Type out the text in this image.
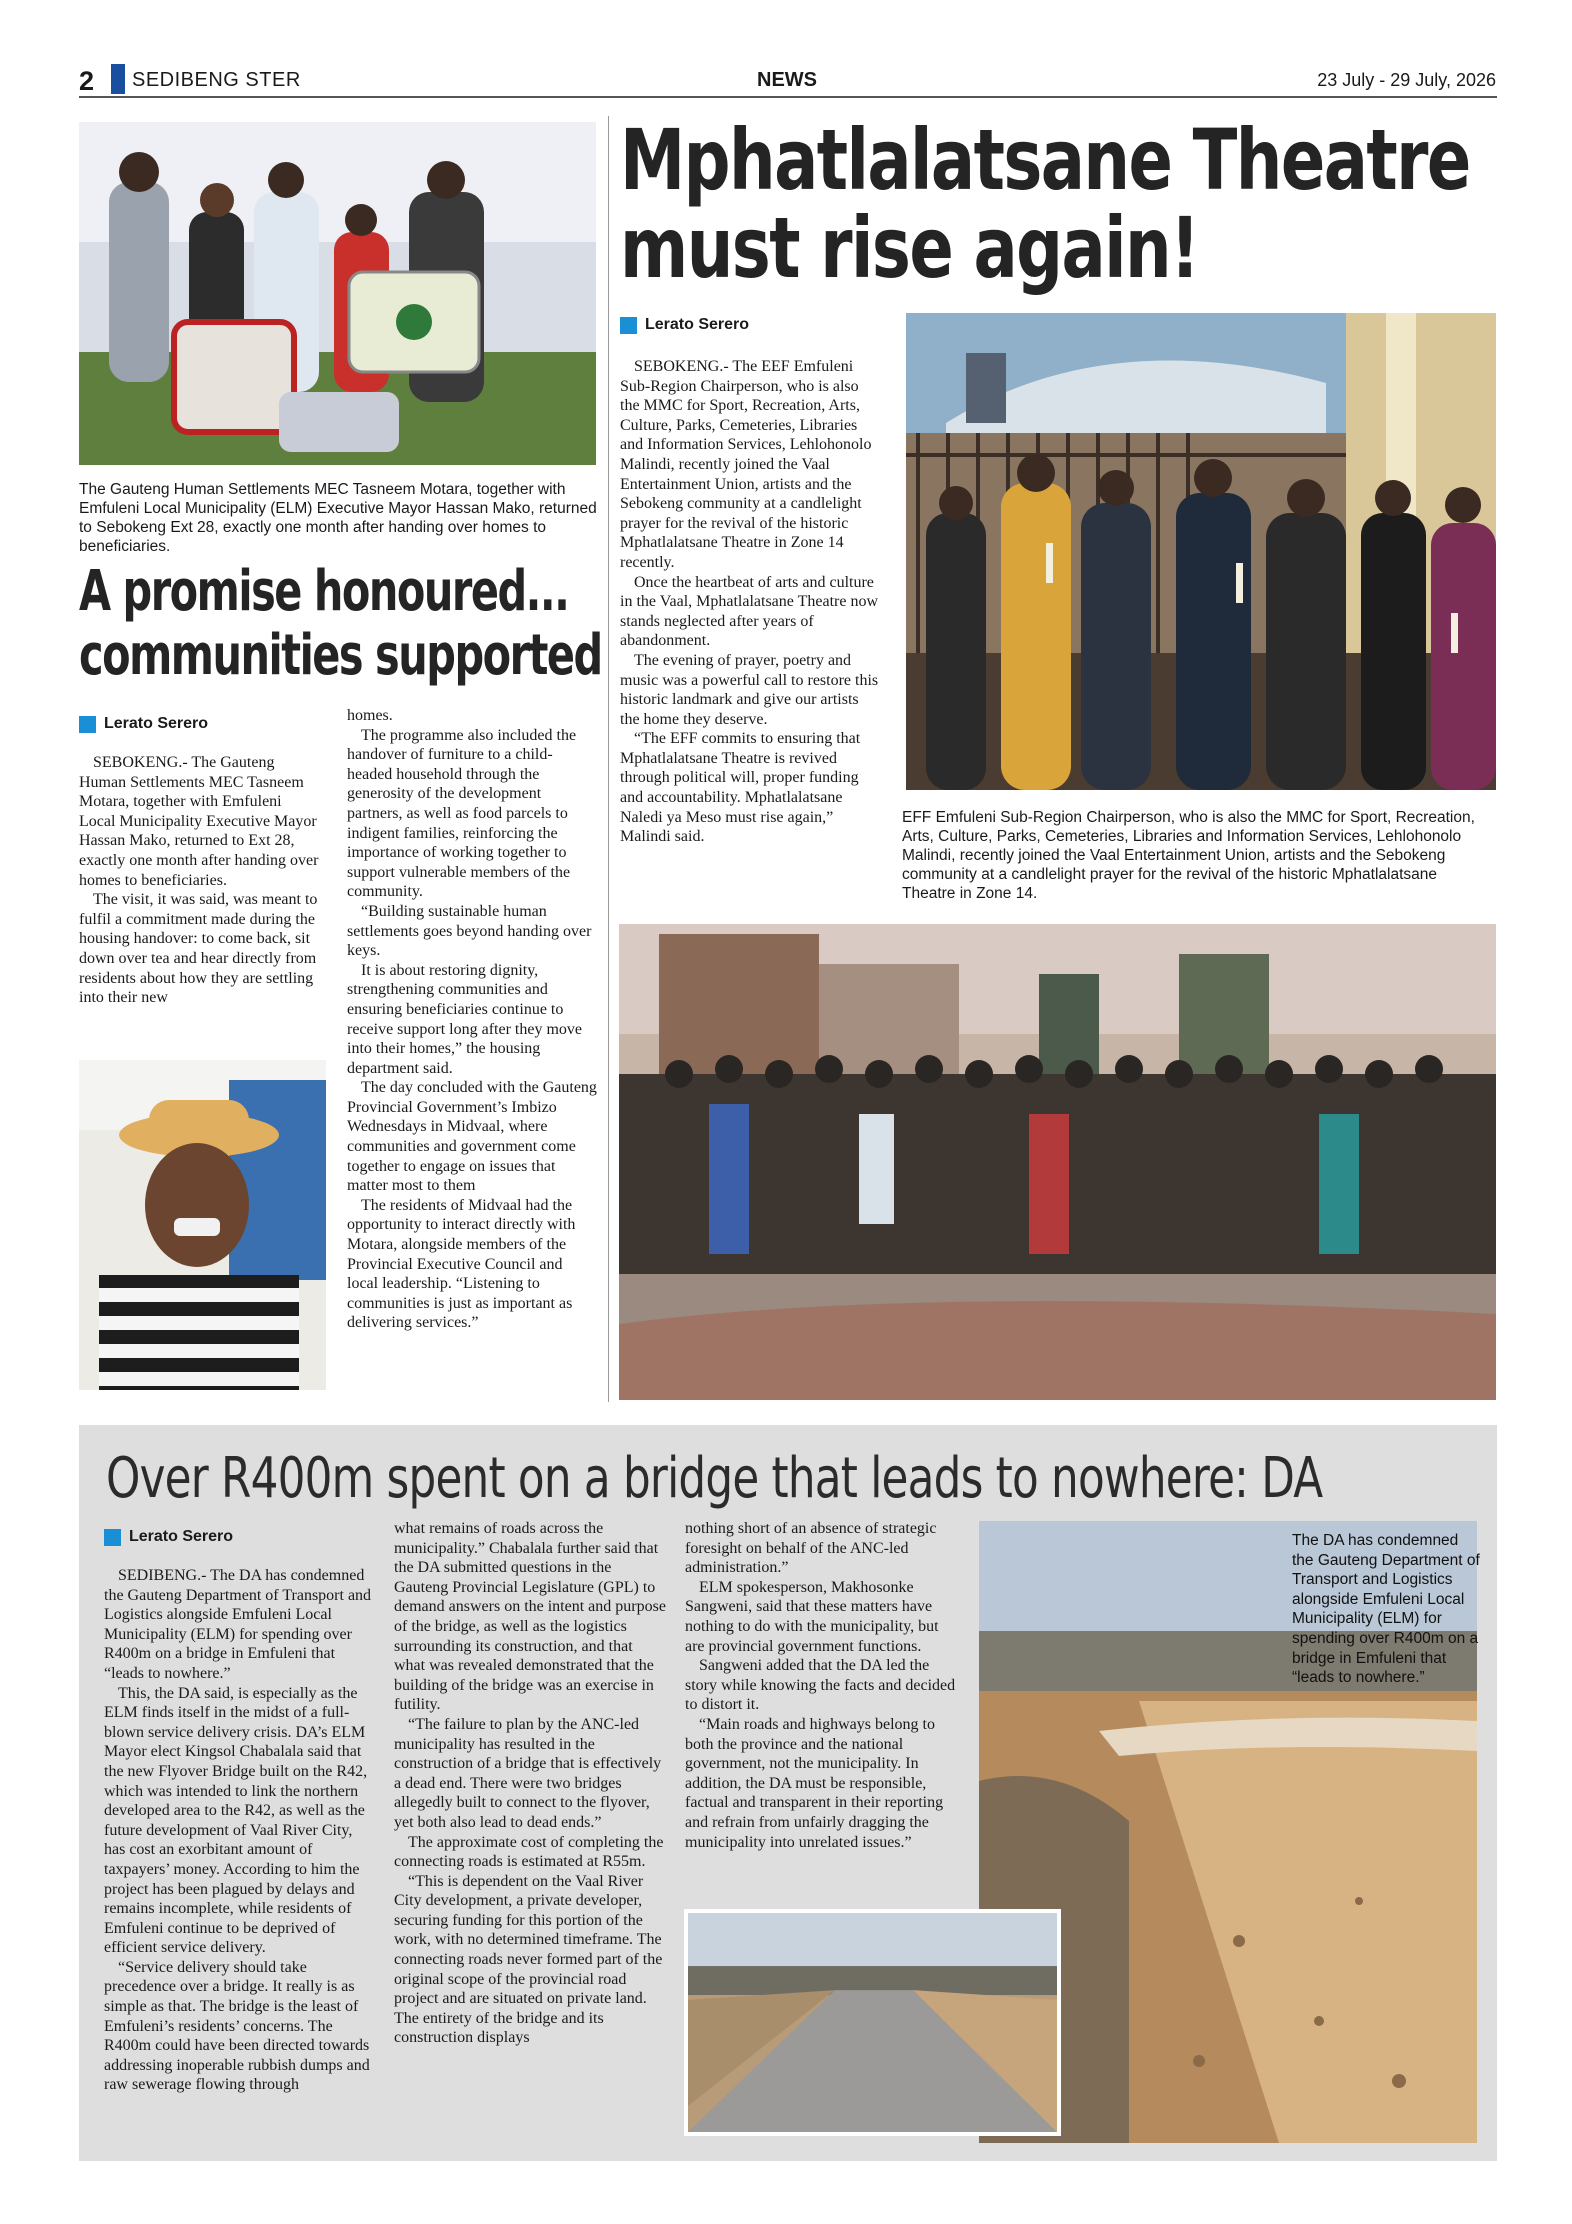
2 SEDIBENG STER	NEWS	23 July - 29 July, 2026
The Gauteng Human Settlements MEC Tasneem Motara, together with Emfuleni Local Municipality (ELM) Executive Mayor Hassan Mako, returned to Sebokeng Ext 28, exactly one month after handing over homes to beneficiaries.
A promise honoured...
communities supported
Lerato Serero

SEBOKENG.- The Gauteng Human Settlements MEC Tasneem Motara, together with Emfuleni Local Municipality Executive Mayor Hassan Mako, returned to Ext 28, exactly one month after handing over homes to beneficiaries.

The visit, it was said, was meant to fulfil a commitment made during the housing handover: to come back, sit down over tea and hear directly from residents about how they are settling into their new

homes.

The programme also included the handover of furniture to a child-headed household through the generosity of the development partners, as well as food parcels to indigent families, reinforcing the importance of working together to support vulnerable members of the community.

“Building sustainable human settlements goes beyond handing over keys.

It is about restoring dignity, strengthening communities and ensuring beneficiaries continue to receive support long after they move into their homes,” the housing department said.

The day concluded with the Gauteng Provincial Government’s Imbizo Wednesdays in Midvaal, where communities and government come together to engage on issues that matter most to them

The residents of Midvaal had the opportunity to interact directly with Motara, alongside members of the Provincial Executive Council and local leadership. “Listening to communities is just as important as delivering services.”

Mphatlalatsane Theatre
must rise again!
Lerato Serero

SEBOKENG.- The EEF Emfuleni Sub-Region Chairperson, who is also the MMC for Sport, Recreation, Arts, Culture, Parks, Cemeteries, Libraries and Information Services, Lehlohonolo Malindi, recently joined the Vaal Entertainment Union, artists and the Sebokeng community at a candlelight prayer for the revival of the historic Mphatlalatsane Theatre in Zone 14 recently.

Once the heartbeat of arts and culture in the Vaal, Mphatlalatsane Theatre now stands neglected after years of abandonment.

The evening of prayer, poetry and music was a powerful call to restore this historic landmark and give our artists the home they deserve.

“The EFF commits to ensuring that Mphatlalatsane Theatre is revived through political will, proper funding and accountability. Mphatlalatsane Naledi ya Meso must rise again,” Malindi said.

EFF Emfuleni Sub-Region Chairperson, who is also the MMC for Sport, Recreation, Arts, Culture, Parks, Cemeteries, Libraries and Information Services, Lehlohonolo Malindi, recently joined the Vaal Entertainment Union, artists and the Sebokeng community at a candlelight prayer for the revival of the historic Mphatlalatsane Theatre in Zone 14.
Over R400m spent on a bridge that leads to nowhere: DA
Lerato Serero

SEDIBENG.- The DA has condemned the Gauteng Department of Transport and Logistics alongside Emfuleni Local Municipality (ELM) for spending over R400m on a bridge in Emfuleni that “leads to nowhere.”

This, the DA said, is especially as the ELM finds itself in the midst of a full-blown service delivery crisis. DA’s ELM Mayor elect Kingsol Chabalala said that the new Flyover Bridge built on the R42, which was intended to link the northern developed area to the R42, as well as the future development of Vaal River City, has cost an exorbitant amount of taxpayers’ money. According to him the project has been plagued by delays and remains incomplete, while residents of Emfuleni continue to be deprived of efficient service delivery.

“Service delivery should take precedence over a bridge. It really is as simple as that. The bridge is the least of Emfuleni’s residents’ concerns. The R400m could have been directed towards addressing inoperable rubbish dumps and raw sewerage flowing through

what remains of roads across the municipality.” Chabalala further said that the DA submitted questions in the Gauteng Provincial Legislature (GPL) to demand answers on the intent and purpose of the bridge, as well as the logistics surrounding its construction, and that what was revealed demonstrated that the building of the bridge was an exercise in futility.

“The failure to plan by the ANC-led municipality has resulted in the construction of a bridge that is effectively a dead end. There were two bridges allegedly built to connect to the flyover, yet both also lead to dead ends.”

The approximate cost of completing the connecting roads is estimated at R55m.

“This is dependent on the Vaal River City development, a private developer, securing funding for this portion of the work, with no determined timeframe. The connecting roads never formed part of the original scope of the provincial road project and are situated on private land. The entirety of the bridge and its construction displays

nothing short of an absence of strategic foresight on behalf of the ANC-led administration.”

ELM spokesperson, Makhosonke Sangweni, said that these matters have nothing to do with the municipality, but are provincial government functions.

Sangweni added that the DA led the story while knowing the facts and decided to distort it.

“Main roads and highways belong to both the province and the national government, not the municipality. In addition, the DA must be responsible, factual and transparent in their reporting and refrain from unfairly dragging the municipality into unrelated issues.”

The DA has condemned the Gauteng Department of Transport and Logistics alongside Emfuleni Local Municipality (ELM) for spending over R400m on a bridge in Emfuleni that “leads to nowhere.”
